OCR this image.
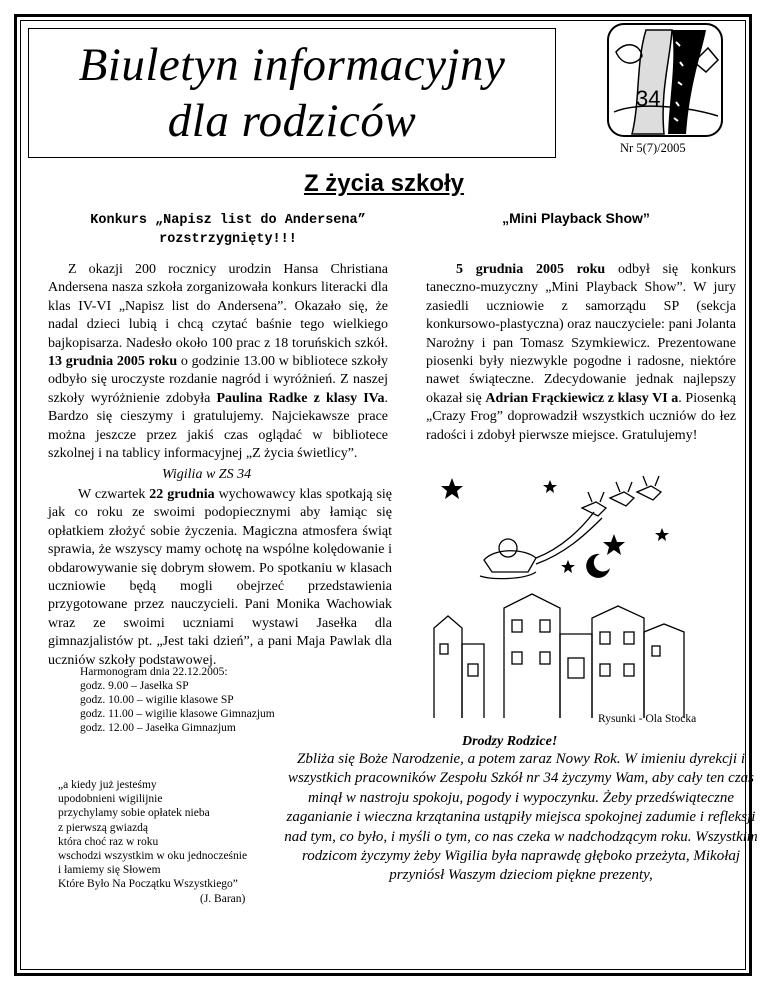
Biuletyn informacyjny
dla rodziców	34
Nr 5(7)/2005
Z życia szkoły
Konkurs „Napisz list do Andersena”
rozstrzygnięty!!!
„Mini Playback Show”

Z okazji 200 rocznicy urodzin Hansa Christiana Andersena nasza szkoła zorganizowała konkurs literacki dla klas IV-VI „Napisz list do Andersena”. Okazało się, że nadal dzieci lubią i chcą czytać baśnie tego wielkiego bajkopisarza. Nadesło około 100 prac z 18 toruńskich szkół. 13 grudnia 2005 roku o godzinie 13.00 w bibliotece szkoły odbyło się uroczyste rozdanie nagród i wyróżnień. Z naszej szkoły wyróżnienie zdobyła Paulina Radke z klasy IVa. Bardzo się cieszymy i gratulujemy. Najciekawsze prace można jeszcze przez jakiś czas oglądać w bibliotece szkolnej i na tablicy informacyjnej „Z życia świetlicy”.

5 grudnia 2005 roku odbył się konkurs taneczno-muzyczny „Mini Playback Show”. W jury zasiedli uczniowie z samorządu SP (sekcja konkursowo-plastyczna) oraz nauczyciele: pani Jolanta Narożny i pan Tomasz Szymkiewicz. Prezentowane piosenki były niezwykle pogodne i radosne, niektóre nawet świąteczne. Zdecydowanie jednak najlepszy okazał się Adrian Frąckiewicz z klasy VI a. Piosenką „Crazy Frog” doprowadził wszystkich uczniów do łez radości i zdobył pierwsze miejsce. Gratulujemy!

Wigilia w ZS 34

W czwartek 22 grudnia wychowawcy klas spotkają się jak co roku ze swoimi podopiecznymi aby łamiąc się opłatkiem złożyć sobie życzenia. Magiczna atmosfera świąt sprawia, że wszyscy mamy ochotę na wspólne kolędowanie i obdarowywanie się dobrym słowem. Po spotkaniu w klasach uczniowie będą mogli obejrzeć przedstawienia przygotowane przez nauczycieli. Pani Monika Wachowiak wraz ze swoimi uczniami wystawi Jasełka dla gimnazjalistów pt. „Jest taki dzień”, a pani Maja Pawlak dla uczniów szkoły podstawowej.

Harmonogram dnia 22.12.2005:
godz. 9.00 – Jasełka SP
godz. 10.00 – wigilie klasowe SP
godz. 11.00 – wigilie klasowe Gimnazjum
godz. 12.00 – Jasełka Gimnazjum
Rysunki - Ola Stocka
Drodzy Rodzice!

Zbliża się Boże Narodzenie, a potem zaraz Nowy Rok. W imieniu dyrekcji i wszystkich pracowników Zespołu Szkół nr 34 życzymy Wam, aby cały ten czas minął w nastroju spokoju, pogody i wypoczynku. Żeby przedświąteczne zaganianie i wieczna krzątanina ustąpiły miejsca spokojnej zadumie i refleksji nad tym, co było, i myśli o tym, co nas czeka w nadchodzącym roku. Wszystkim rodzicom życzymy żeby Wigilia była naprawdę głęboko przeżyta, Mikołaj przyniósł Waszym dzieciom piękne prezenty,

„a kiedy już jesteśmy
upodobnieni wigilijnie
przychylamy sobie opłatek nieba
z pierwszą gwiazdą
która choć raz w roku
wschodzi wszystkim w oku jednocześnie
i łamiemy się Słowem
Które Było Na Początku Wszystkiego”
(J. Baran)
